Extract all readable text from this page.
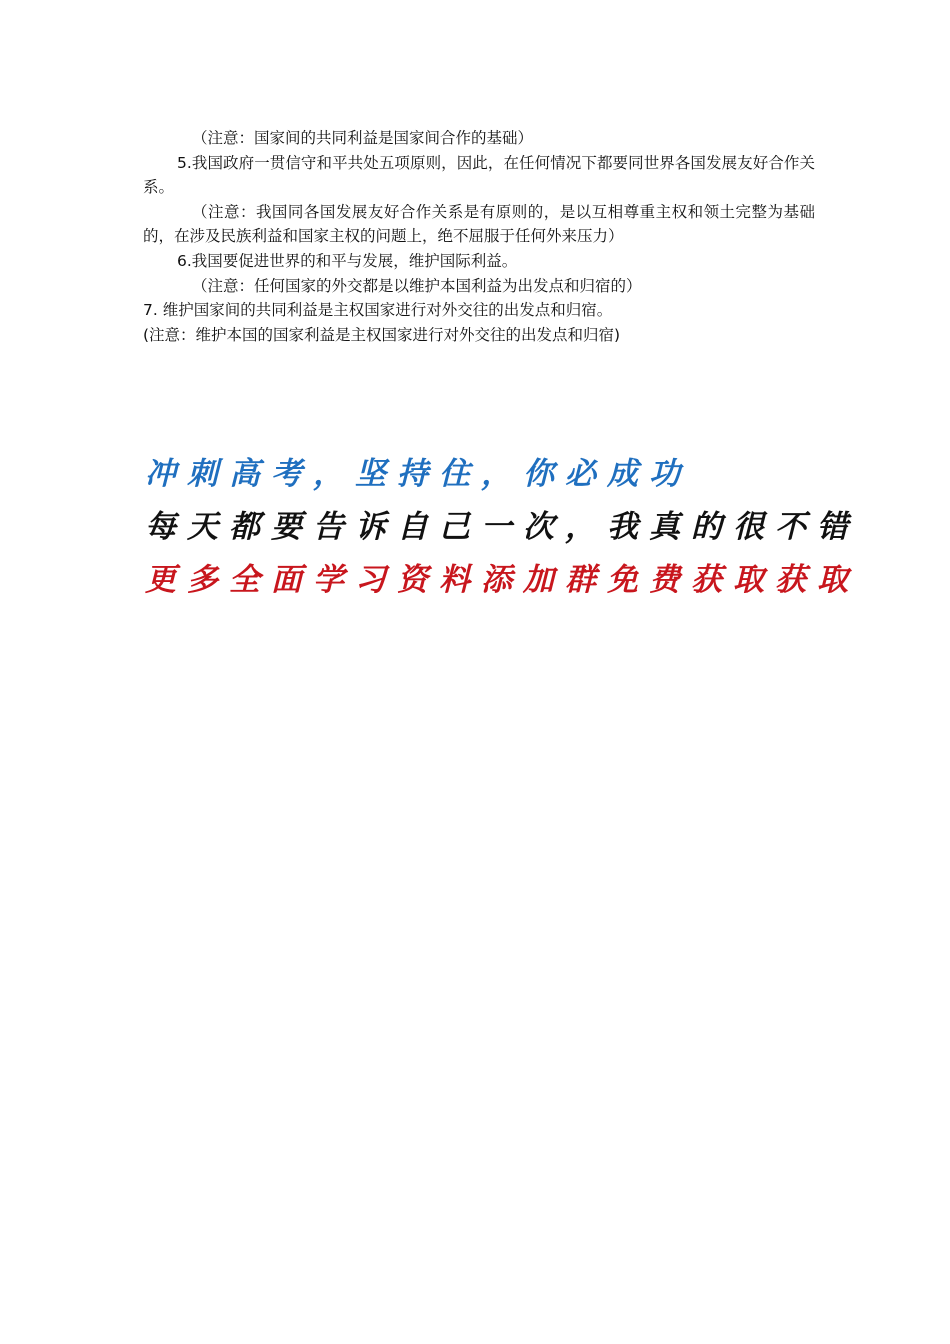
（注意：国家间的共同利益是国家间合作的基础）

5.我国政府一贯信守和平共处五项原则，因此，在任何情况下都要同世界各国发展友好合作关系。

（注意：我国同各国发展友好合作关系是有原则的，是以互相尊重主权和领土完整为基础的，在涉及民族利益和国家主权的问题上，绝不屈服于任何外来压力）

6.我国要促进世界的和平与发展，维护国际利益。

（注意：任何国家的外交都是以维护本国利益为出发点和归宿的）

7. 维护国家间的共同利益是主权国家进行对外交往的出发点和归宿。

(注意：维护本国的国家利益是主权国家进行对外交往的出发点和归宿)

冲刺高考，坚持住，你必成功

每天都要告诉自己一次，我真的很不错

更多全面学习资料添加群免费获取获取
